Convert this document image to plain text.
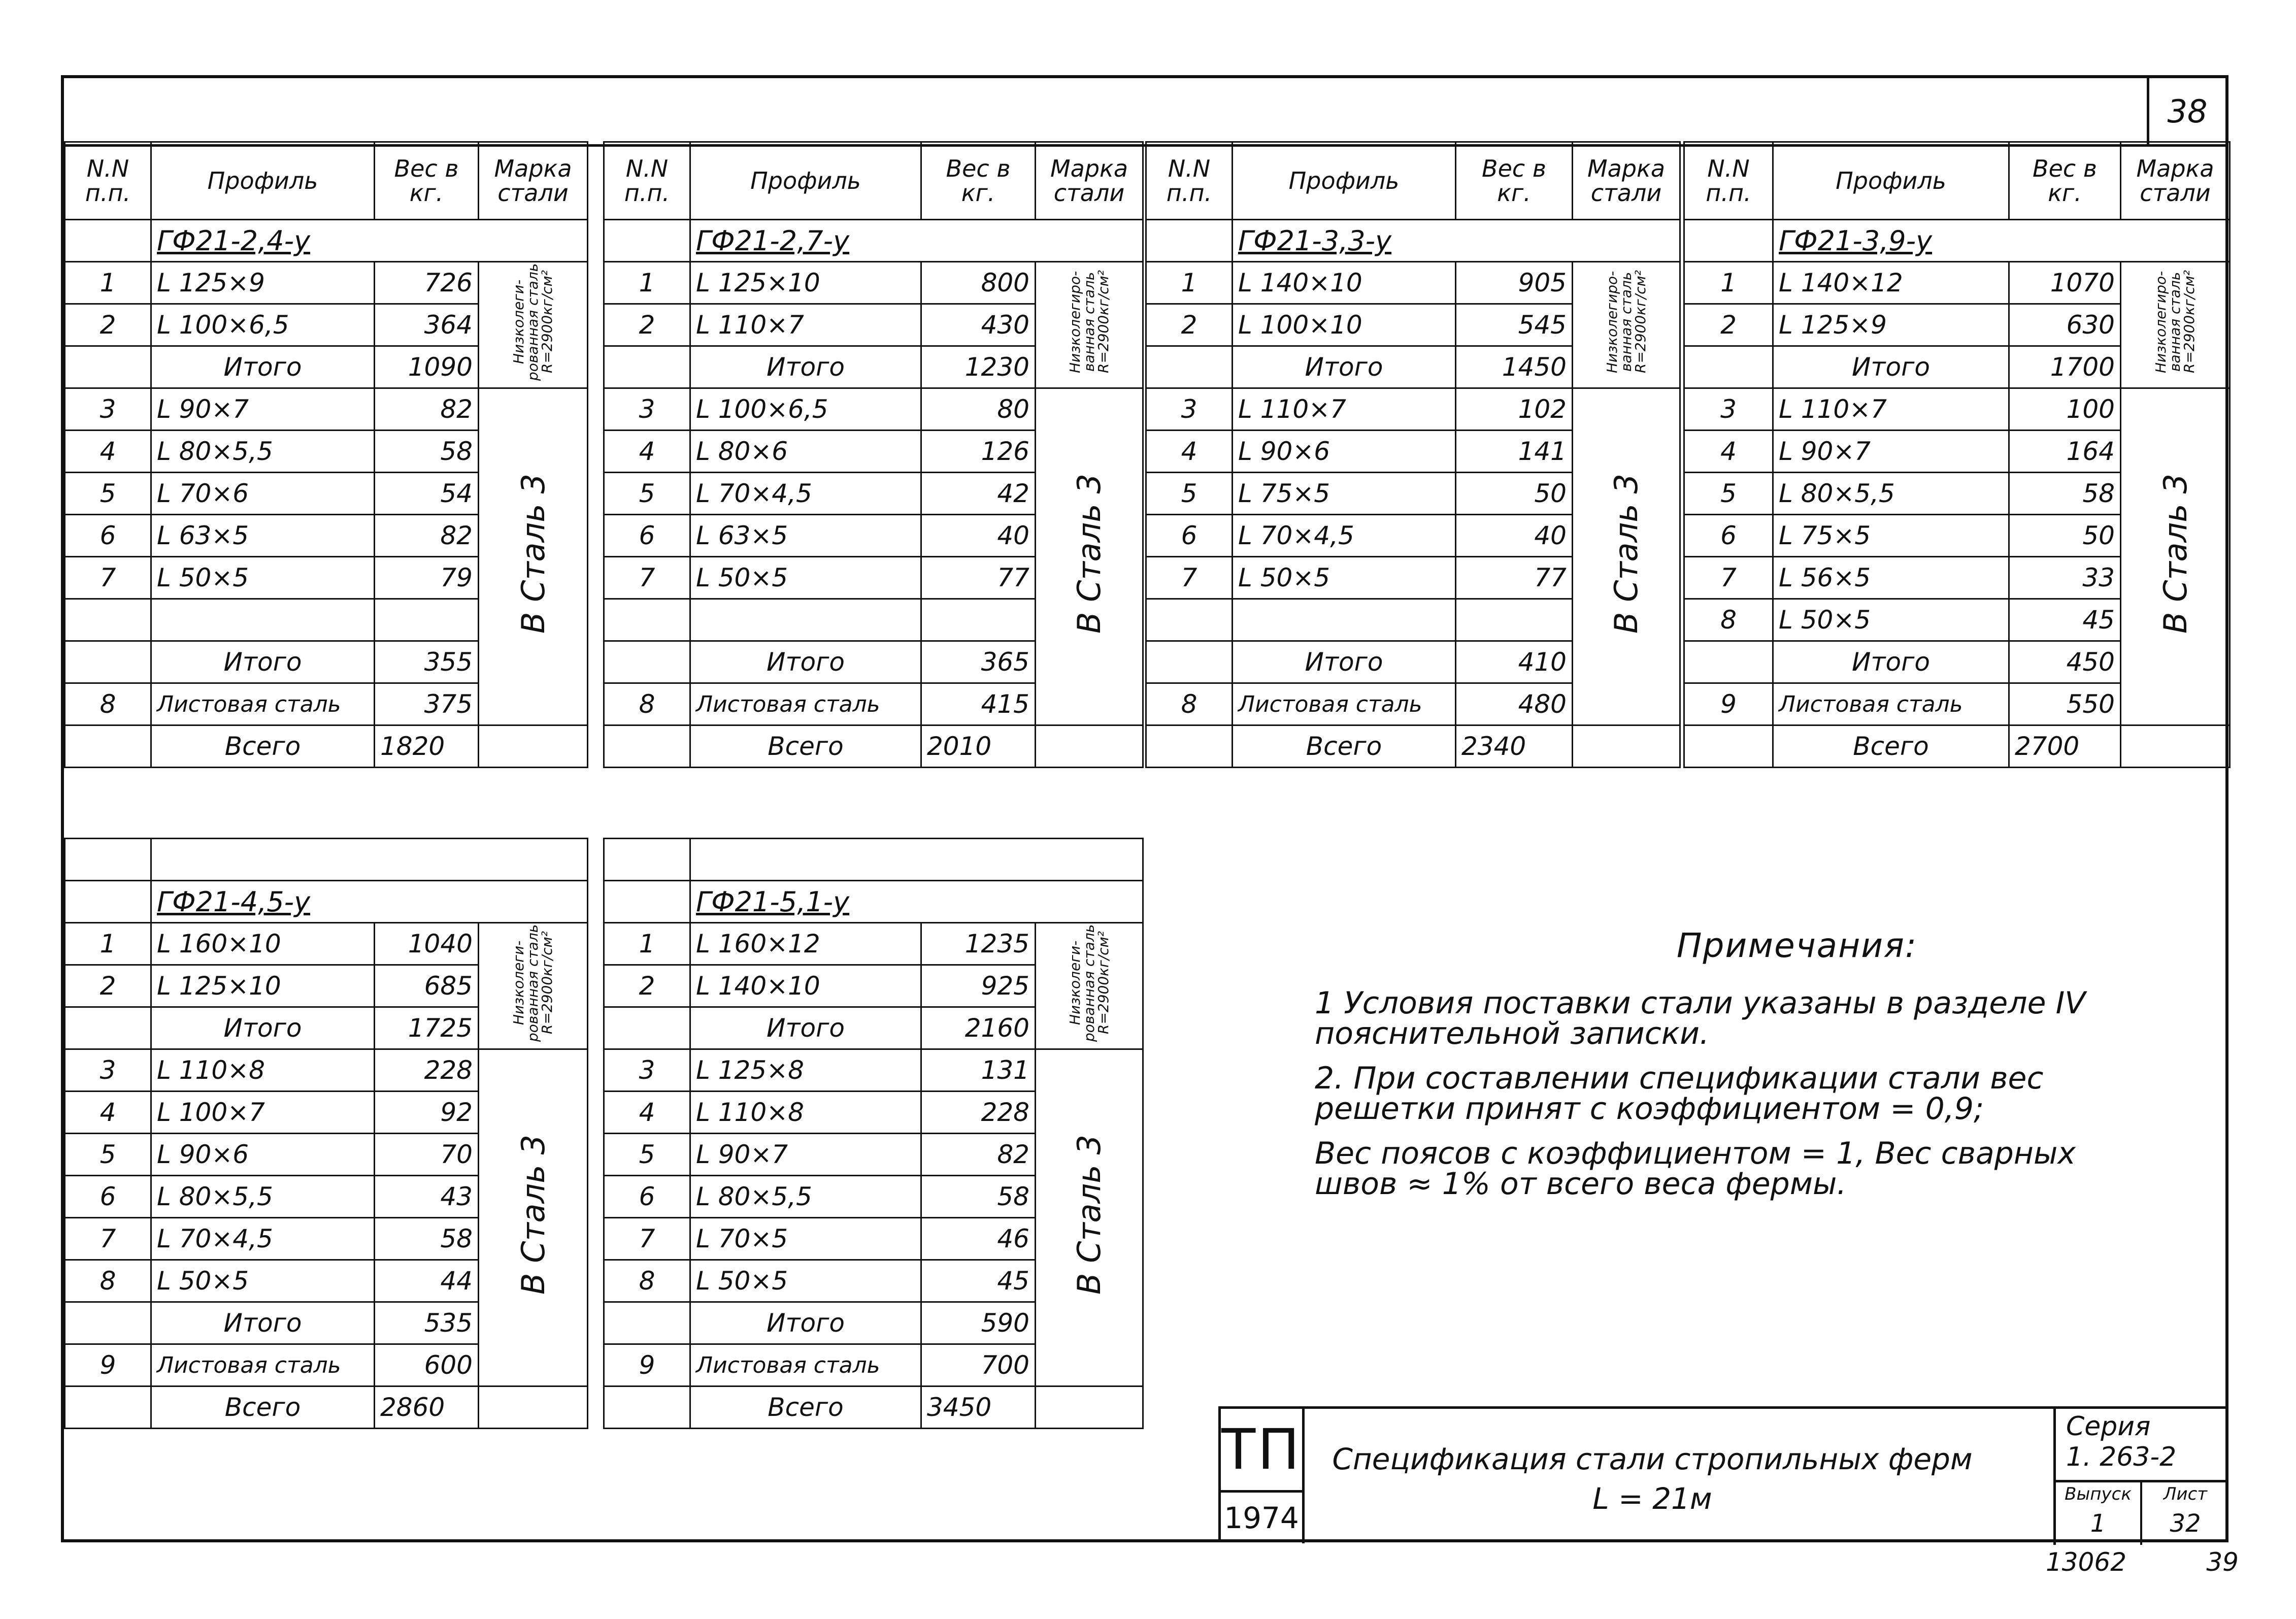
38
N.N п.п.	Профиль	Вес в кг.	Марка стали
	ГФ21-2,4-у		
1	L 125×9	726	Низколеги-рованная сталь R=2900кг/см²
2	L 100×6,5	364	
	Итого	1090	
3	L 90×7	82	В Сталь 3
4	L 80×5,5	58	
5	L 70×6	54	
6	L 63×5	82	
7	L 50×5	79	

	Итого	355	
8	Листовая сталь	375	
	Всего	1820	
N.N п.п.	Профиль	Вес в кг.	Марка стали
	ГФ21-2,7-у		
1	L 125×10	800	Низколегиро-ванная сталь R=2900кг/см²
2	L 110×7	430	
	Итого	1230	
3	L 100×6,5	80	В Сталь 3
4	L 80×6	126	
5	L 70×4,5	42	
6	L 63×5	40	
7	L 50×5	77	

	Итого	365	
8	Листовая сталь	415	
	Всего	2010	
N.N п.п.	Профиль	Вес в кг.	Марка стали
	ГФ21-3,3-у		
1	L 140×10	905	Низколегиро-ванная сталь R=2900кг/см²
2	L 100×10	545	
	Итого	1450	
3	L 110×7	102	В Сталь 3
4	L 90×6	141	
5	L 75×5	50	
6	L 70×4,5	40	
7	L 50×5	77	

	Итого	410	
8	Листовая сталь	480	
	Всего	2340	
N.N п.п.	Профиль	Вес в кг.	Марка стали
	ГФ21-3,9-у		
1	L 140×12	1070	Низколегиро-ванная сталь R=2900кг/см²
2	L 125×9	630	
	Итого	1700	
3	L 110×7	100	В Сталь 3
4	L 90×7	164	
5	L 80×5,5	58	
6	L 75×5	50	
7	L 56×5	33	
8	L 50×5	45	
	Итого	450	
9	Листовая сталь	550	
	Всего	2700	

	ГФ21-4,5-у		
1	L 160×10	1040	Низколеги-рованная сталь R=2900кг/см²
2	L 125×10	685	
	Итого	1725	
3	L 110×8	228	В Сталь 3
4	L 100×7	92	
5	L 90×6	70	
6	L 80×5,5	43	
7	L 70×4,5	58	
8	L 50×5	44	
	Итого	535	
9	Листовая сталь	600	
	Всего	2860	

	ГФ21-5,1-у		
1	L 160×12	1235	Низколеги-рованная сталь R=2900кг/см²
2	L 140×10	925	
	Итого	2160	
3	L 125×8	131	В Сталь 3
4	L 110×8	228	
5	L 90×7	82	
6	L 80×5,5	58	
7	L 70×5	46	
8	L 50×5	45	
	Итого	590	
9	Листовая сталь	700	
	Всего	3450	
Примечания:

1 Условия поставки стали указаны в разделе IV пояснительной записки.

2. При составлении спецификации стали вес решетки принят с коэффициентом = 0,9;

Вес поясов с коэффициентом = 1, Вес сварных швов ≈ 1% от всего веса фермы.

ТП
1974
Спецификация стали стропильных ферм
L = 21м
Серия
1. 263-2
Выпуск
1
Лист
32
13062	39
